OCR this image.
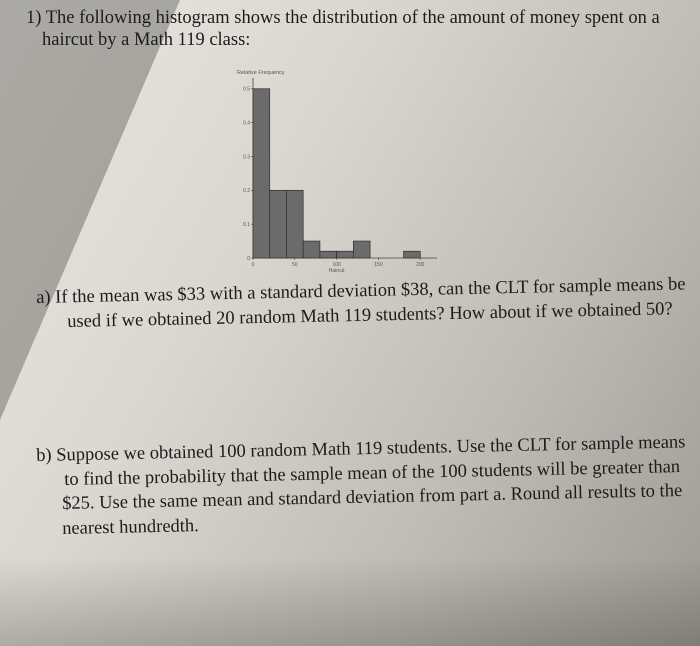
1) The following histogram shows the distribution of the amount of money spent on a
haircut by a Math 119 class:
Relative Frequency
0
0.1
0.2
0.3
0.4
0.5
0	50	100	150	200
Haircut
a) If the mean was $33 with a standard deviation $38, can the CLT for sample means be
used if we obtained 20 random Math 119 students? How about if we obtained 50?
b) Suppose we obtained 100 random Math 119 students. Use the CLT for sample means
to find the probability that the sample mean of the 100 students will be greater than
$25. Use the same mean and standard deviation from part a. Round all results to the
nearest hundredth.
